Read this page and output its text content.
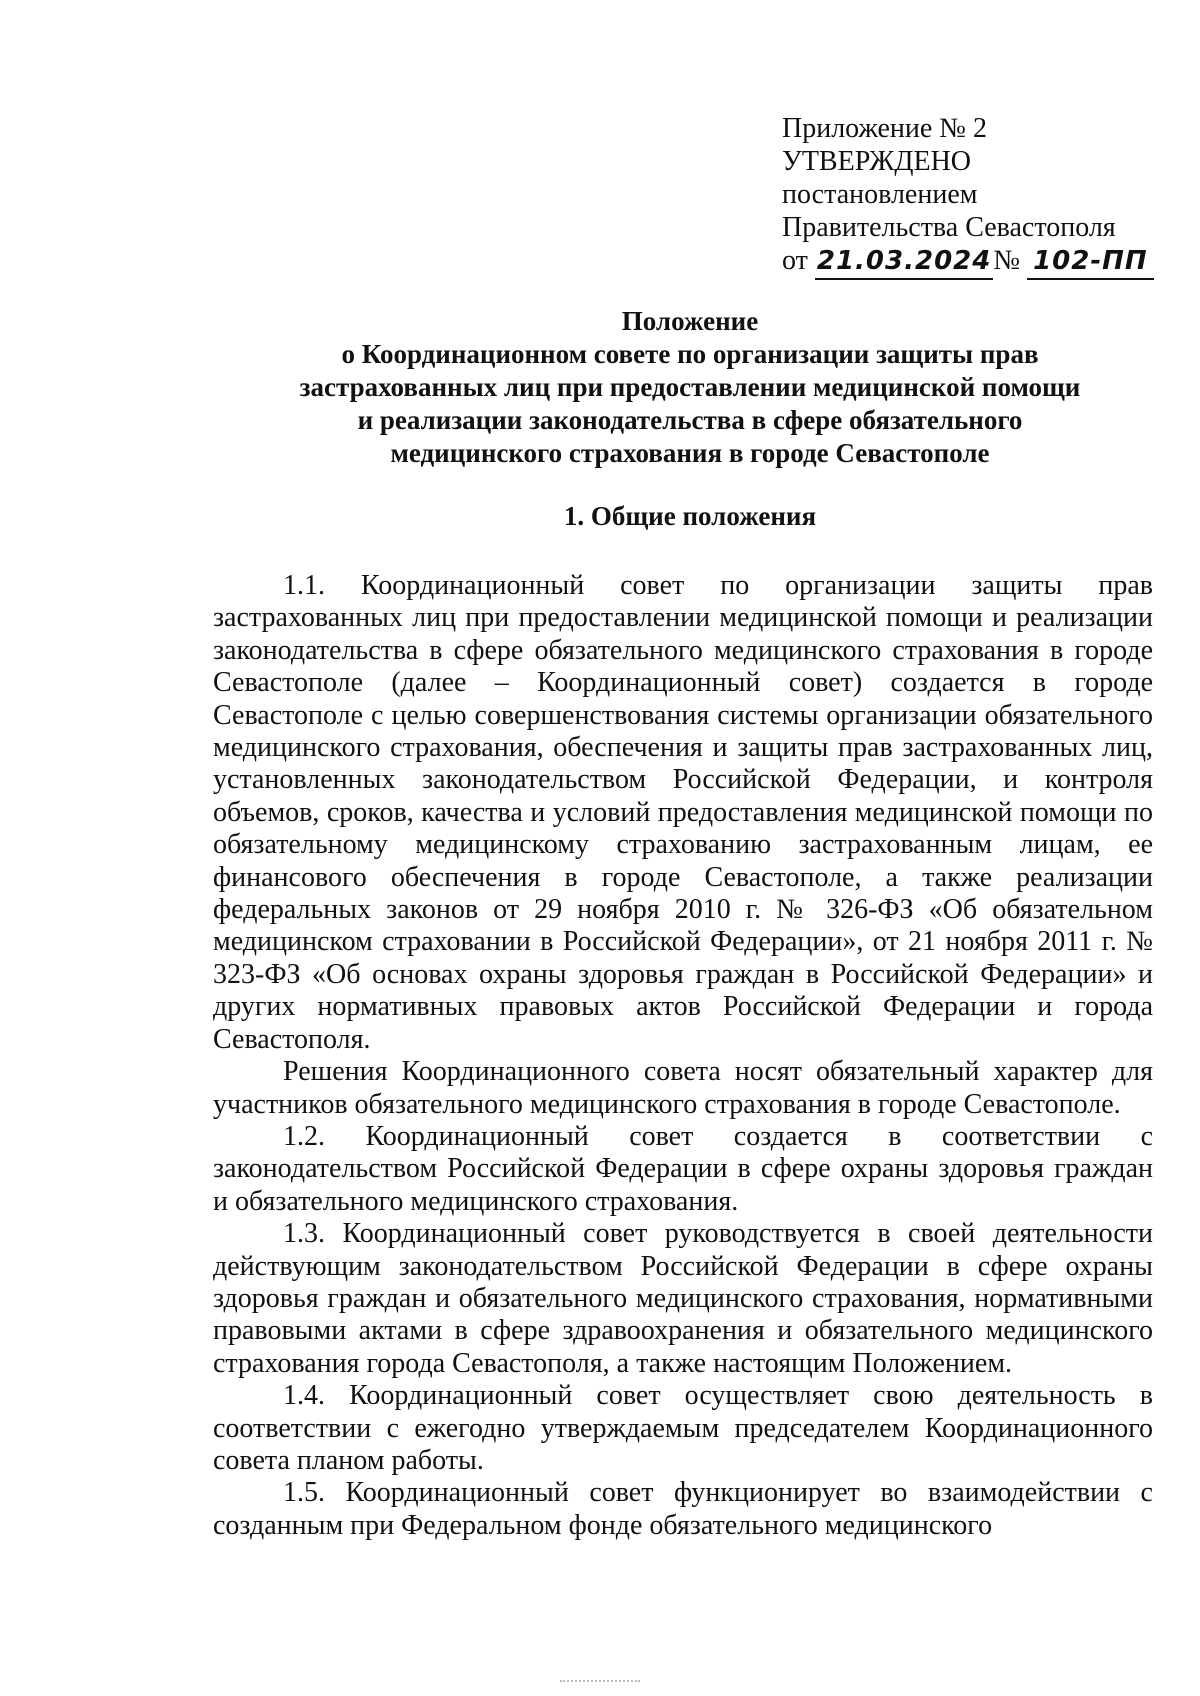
Приложение № 2
УТВЕРЖДЕНО
постановлением
Правительства Севастополя
от 21.03.2024№ 102-ПП
Положение
о Координационном совете по организации защиты прав
застрахованных лиц при предоставлении медицинской помощи
и реализации законодательства в сфере обязательного
медицинского страхования в городе Севастополе
1. Общие положения

1.1. Координационный совет по организации защиты прав застрахованных лиц при предоставлении медицинской помощи и реализации законодательства в сфере обязательного медицинского страхования в городе Севастополе (далее – Координационный совет) создается в городе Севастополе с целью совершенствования системы организации обязательного медицинского страхования, обеспечения и защиты прав застрахованных лиц, установленных законодательством Российской Федерации, и контроля объемов, сроков, качества и условий предоставления медицинской помощи по обязательному медицинскому страхованию застрахованным лицам, ее финансового обеспечения в городе Севастополе, а также реализации федеральных законов от 29 ноября 2010 г. № 326-ФЗ «Об обязательном медицинском страховании в Российской Федерации», от 21 ноября 2011 г. № 323-ФЗ «Об основах охраны здоровья граждан в Российской Федерации» и других нормативных правовых актов Российской Федерации и города Севастополя.

Решения Координационного совета носят обязательный характер для участников обязательного медицинского страхования в городе Севастополе.

1.2. Координационный совет создается в соответствии с законодательством Российской Федерации в сфере охраны здоровья граждан и обязательного медицинского страхования.

1.3. Координационный совет руководствуется в своей деятельности действующим законодательством Российской Федерации в сфере охраны здоровья граждан и обязательного медицинского страхования, нормативными правовыми актами в сфере здравоохранения и обязательного медицинского страхования города Севастополя, а также настоящим Положением.

1.4. Координационный совет осуществляет свою деятельность в соответствии с ежегодно утверждаемым председателем Координационного совета планом работы.

1.5. Координационный совет функционирует во взаимодействии с созданным при Федеральном фонде обязательного медицинского
